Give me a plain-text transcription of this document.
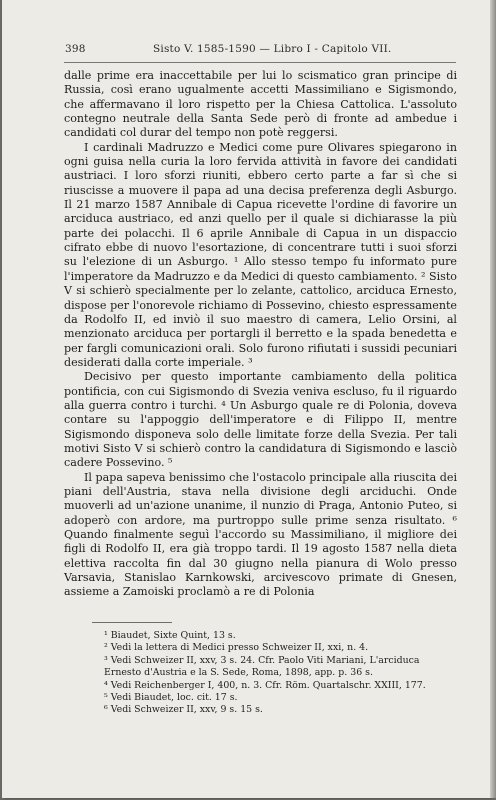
398	Sisto V. 1585-1590 — Libro I - Capitolo VII.

dalle prime era inaccettabile per lui lo scismatico gran principe di Russia, così erano ugualmente accetti Massimiliano e Sigismondo, che affermavano il loro rispetto per la Chiesa Cattolica. L'assoluto contegno neutrale della Santa Sede però di fronte ad ambedue i candidati col durar del tempo non potè reggersi.

I cardinali Madruzzo e Medici come pure Olivares spiegarono in ogni guisa nella curia la loro fervida attività in favore dei candidati austriaci. I loro sforzi riuniti, ebbero certo parte a far sì che si riuscisse a muovere il papa ad una decisa preferenza degli Asburgo. Il 21 marzo 1587 Annibale di Capua ricevette l'ordine di favorire un arciduca austriaco, ed anzi quello per il quale si dichiarasse la più parte dei polacchi. Il 6 aprile Annibale di Capua in un dispaccio cifrato ebbe di nuovo l'esortazione, di concentrare tutti i suoi sforzi su l'elezione di un Asburgo. ¹ Allo stesso tempo fu informato pure l'imperatore da Madruzzo e da Medici di questo cambiamento. ² Sisto V si schierò specialmente per lo zelante, cattolico, arciduca Ernesto, dispose per l'onorevole richiamo di Possevino, chiesto espressamente da Rodolfo II, ed inviò il suo maestro di camera, Lelio Orsini, al menzionato arciduca per portargli il berretto e la spada benedetta e per fargli comunicazioni orali. Solo furono rifiutati i sussidi pecuniari desiderati dalla corte imperiale. ³

Decisivo per questo importante cambiamento della politica pontificia, con cui Sigismondo di Svezia veniva escluso, fu il riguardo alla guerra contro i turchi. ⁴ Un Asburgo quale re di Polonia, doveva contare su l'appoggio dell'imperatore e di Filippo II, mentre Sigismondo disponeva solo delle limitate forze della Svezia. Per tali motivi Sisto V si schierò contro la candidatura di Sigismondo e lasciò cadere Possevino. ⁵

Il papa sapeva benissimo che l'ostacolo principale alla riuscita dei piani dell'Austria, stava nella divisione degli arciduchi. Onde muoverli ad un'azione unanime, il nunzio di Praga, Antonio Puteo, si adoperò con ardore, ma purtroppo sulle prime senza risultato. ⁶ Quando finalmente seguì l'accordo su Massimiliano, il migliore dei figli di Rodolfo II, era già troppo tardi. Il 19 agosto 1587 nella dieta elettiva raccolta fin dal 30 giugno nella pianura di Wolo presso Varsavia, Stanislao Karnkowski, arcivescovo primate di Gnesen, assieme a Zamoiski proclamò a re di Polonia

¹ Biaudet, Sixte Quint, 13 s.
² Vedi la lettera di Medici presso Schweizer II, xxi, n. 4.
³ Vedi Schweizer II, xxv, 3 s. 24. Cfr. Paolo Viti Mariani, L'arciduca Ernesto d'Austria e la S. Sede, Roma, 1898, app. p. 36 s.
⁴ Vedi Reichenberger I, 400, n. 3. Cfr. Röm. Quartalschr. XXIII, 177.
⁵ Vedi Biaudet, loc. cit. 17 s.
⁶ Vedi Schweizer II, xxv, 9 s. 15 s.
